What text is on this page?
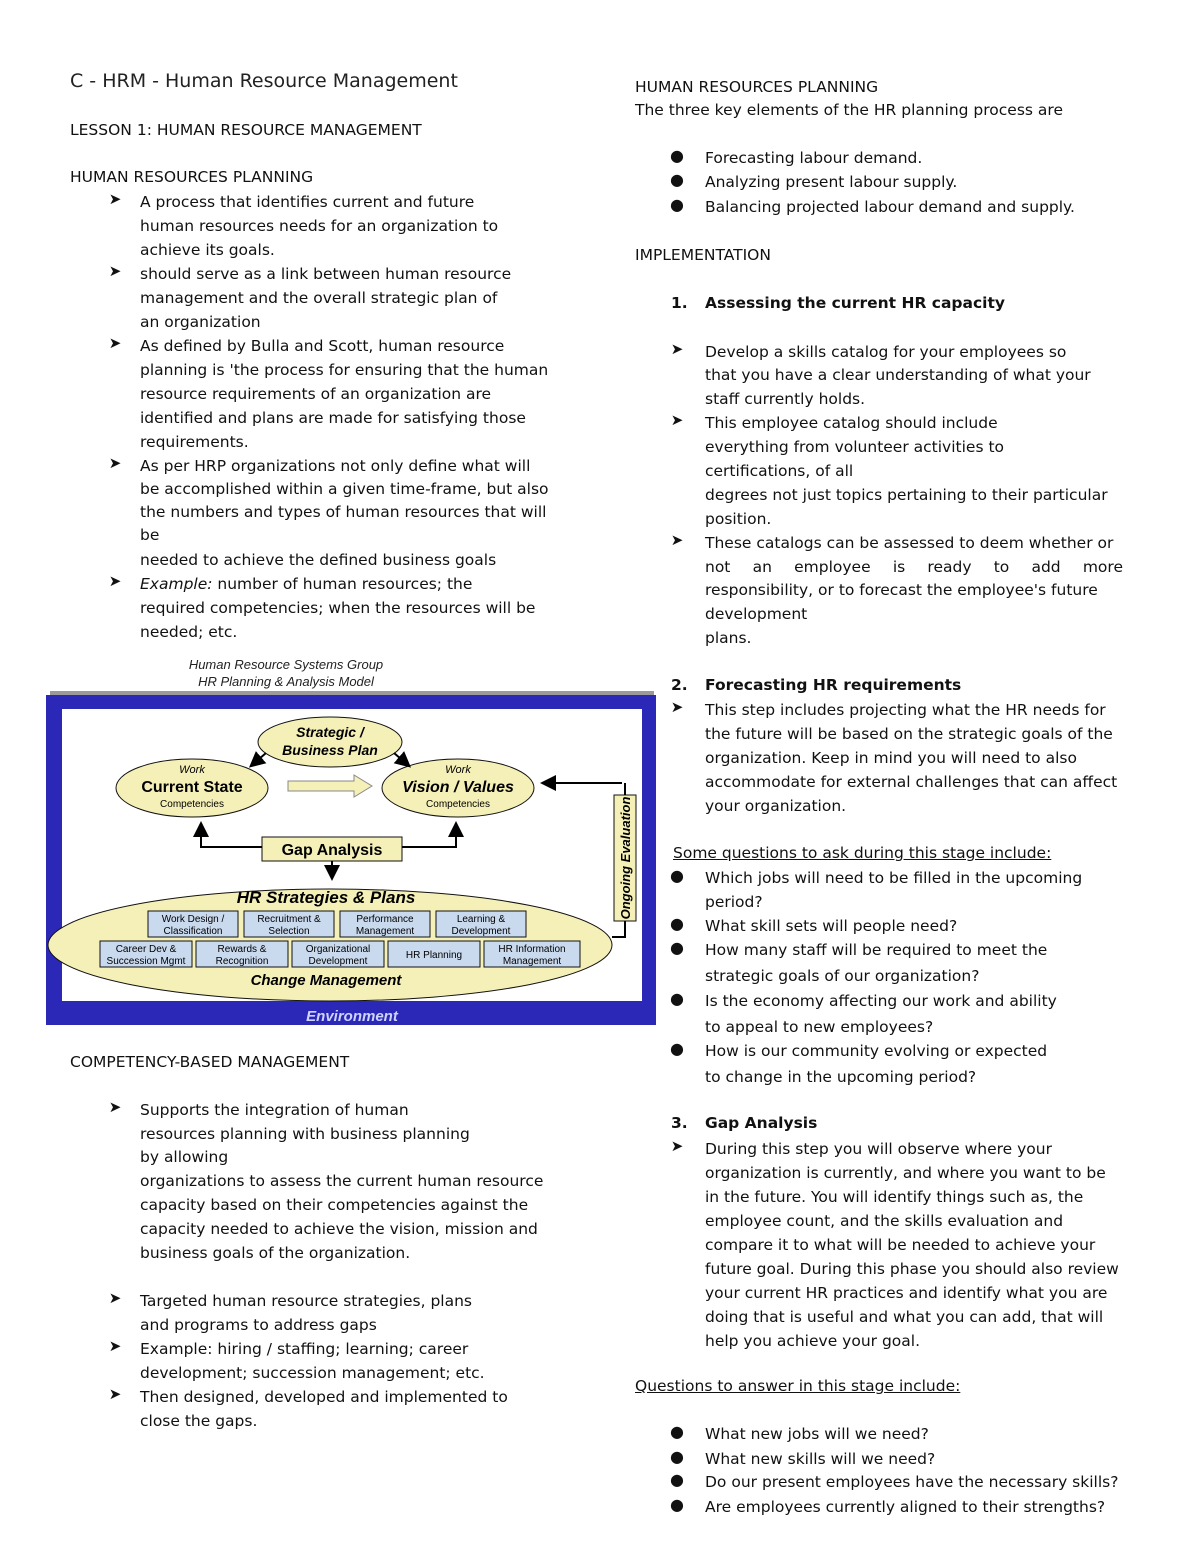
C - HRM - Human Resource Management
LESSON 1: HUMAN RESOURCE MANAGEMENT
HUMAN RESOURCES PLANNING
➤ A process that identifies current and future
human resources needs for an organization to
achieve its goals.
➤ should serve as a link between human resource
management and the overall strategic plan of
an organization
➤ As defined by Bulla and Scott, human resource
planning is 'the process for ensuring that the human
resource requirements of an organization are
identified and plans are made for satisfying those
requirements.
➤ As per HRP organizations not only define what will
be accomplished within a given time-frame, but also
the numbers and types of human resources that will
be
needed to achieve the defined business goals
➤ Example: number of human resources; the
required competencies; when the resources will be
needed; etc.
COMPETENCY-BASED MANAGEMENT
➤ Supports the integration of human
resources planning with business planning
by allowing
organizations to assess the current human resource
capacity based on their competencies against the
capacity needed to achieve the vision, mission and
business goals of the organization.
➤ Targeted human resource strategies, plans
and programs to address gaps
➤ Example: hiring / staffing; learning; career
development; succession management; etc.
➤ Then designed, developed and implemented to
close the gaps.
Human Resource Systems Group
HR Planning & Analysis Model
Strategic /
Business Plan
Work
Current State
Competencies
Work
Vision / Values
Competencies
Gap Analysis	Ongoing Evaluation
HR Strategies & Plans
Work Design /
Classification
Recruitment &
Selection
Performance
Management
Learning &
Development
Career Dev &
Succession Mgmt
Rewards &
Recognition
Organizational
Development
HR Planning
HR Information
Management
Change Management
Environment
HUMAN RESOURCES PLANNING
The three key elements of the HR planning process are
● Forecasting labour demand.
● Analyzing present labour supply.
● Balancing projected labour demand and supply.
IMPLEMENTATION
1. Assessing the current HR capacity
➤ Develop a skills catalog for your employees so
that you have a clear understanding of what your
staff currently holds.
➤ This employee catalog should include
everything from volunteer activities to
certifications, of all
degrees not just topics pertaining to their particular
position.
➤ These catalogs can be assessed to deem whether or
not an employee is ready to add more
responsibility, or to forecast the employee's future
development
plans.
2. Forecasting HR requirements
➤ This step includes projecting what the HR needs for
the future will be based on the strategic goals of the
organization. Keep in mind you will need to also
accommodate for external challenges that can affect
your organization.
Some questions to ask during this stage include:
● Which jobs will need to be filled in the upcoming
period?
● What skill sets will people need?
● How many staff will be required to meet the
strategic goals of our organization?
● Is the economy affecting our work and ability
to appeal to new employees?
● How is our community evolving or expected
to change in the upcoming period?
3. Gap Analysis
➤ During this step you will observe where your
organization is currently, and where you want to be
in the future. You will identify things such as, the
employee count, and the skills evaluation and
compare it to what will be needed to achieve your
future goal. During this phase you should also review
your current HR practices and identify what you are
doing that is useful and what you can add, that will
help you achieve your goal.
Questions to answer in this stage include:
● What new jobs will we need?
● What new skills will we need?
● Do our present employees have the necessary skills?
● Are employees currently aligned to their strengths?
